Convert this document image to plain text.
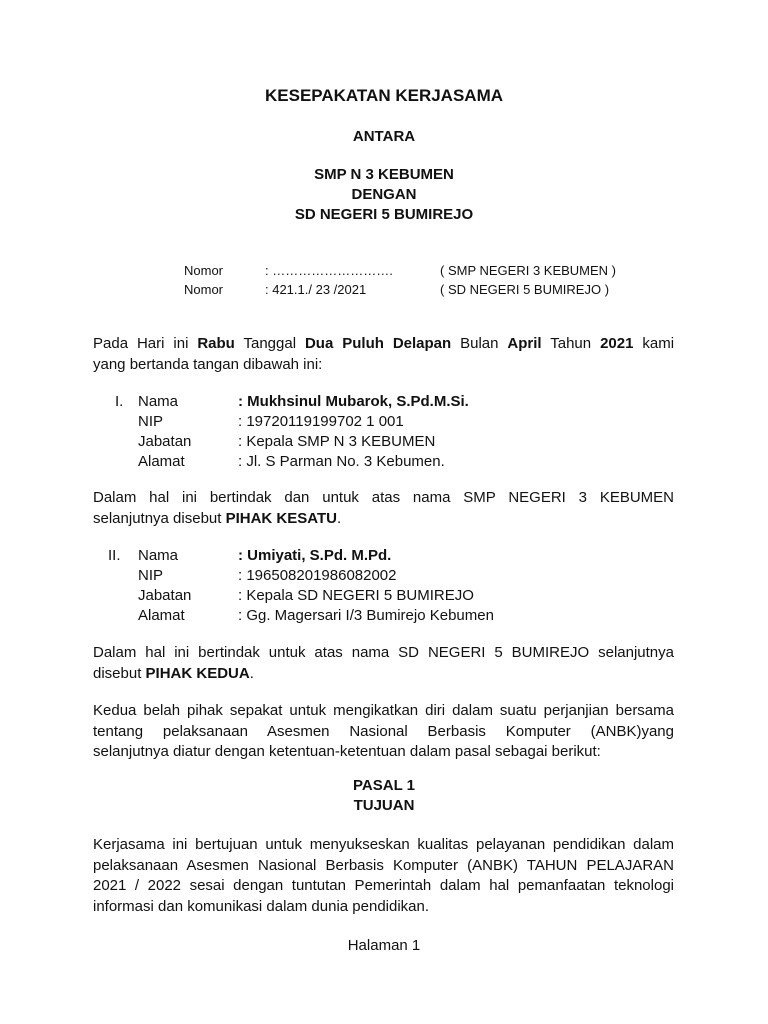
KESEPAKATAN KERJASAMA
ANTARA
SMP N 3 KEBUMEN
DENGAN
SD NEGERI 5 BUMIREJO
Nomor	: ……………………….	( SMP NEGERI 3 KEBUMEN )
Nomor	: 421.1./ 23 /2021	( SD NEGERI 5 BUMIREJO )
Pada Hari ini Rabu Tanggal Dua Puluh Delapan Bulan April Tahun 2021 kami
yang bertanda tangan dibawah ini:
I. Nama	: Mukhsinul Mubarok, S.Pd.M.Si.
NIP	: 19720119199702 1 001
Jabatan	: Kepala SMP N 3 KEBUMEN
Alamat	: Jl. S Parman No. 3 Kebumen.
Dalam hal ini bertindak dan untuk atas nama SMP NEGERI 3 KEBUMEN
selanjutnya disebut PIHAK KESATU.
II. Nama	: Umiyati, S.Pd. M.Pd.
NIP	: 196508201986082002
Jabatan	: Kepala SD NEGERI 5 BUMIREJO
Alamat	: Gg. Magersari I/3 Bumirejo Kebumen
Dalam hal ini bertindak untuk atas nama SD NEGERI 5 BUMIREJO selanjutnya
disebut PIHAK KEDUA.
Kedua belah pihak sepakat untuk mengikatkan diri dalam suatu perjanjian bersama
tentang pelaksanaan Asesmen Nasional Berbasis Komputer (ANBK)yang
selanjutnya diatur dengan ketentuan-ketentuan dalam pasal sebagai berikut:
PASAL 1
TUJUAN
Kerjasama ini bertujuan untuk menyukseskan kualitas pelayanan pendidikan dalam
pelaksanaan Asesmen Nasional Berbasis Komputer (ANBK) TAHUN PELAJARAN
2021 / 2022 sesai dengan tuntutan Pemerintah dalam hal pemanfaatan teknologi
informasi dan komunikasi dalam dunia pendidikan.
Halaman 1
